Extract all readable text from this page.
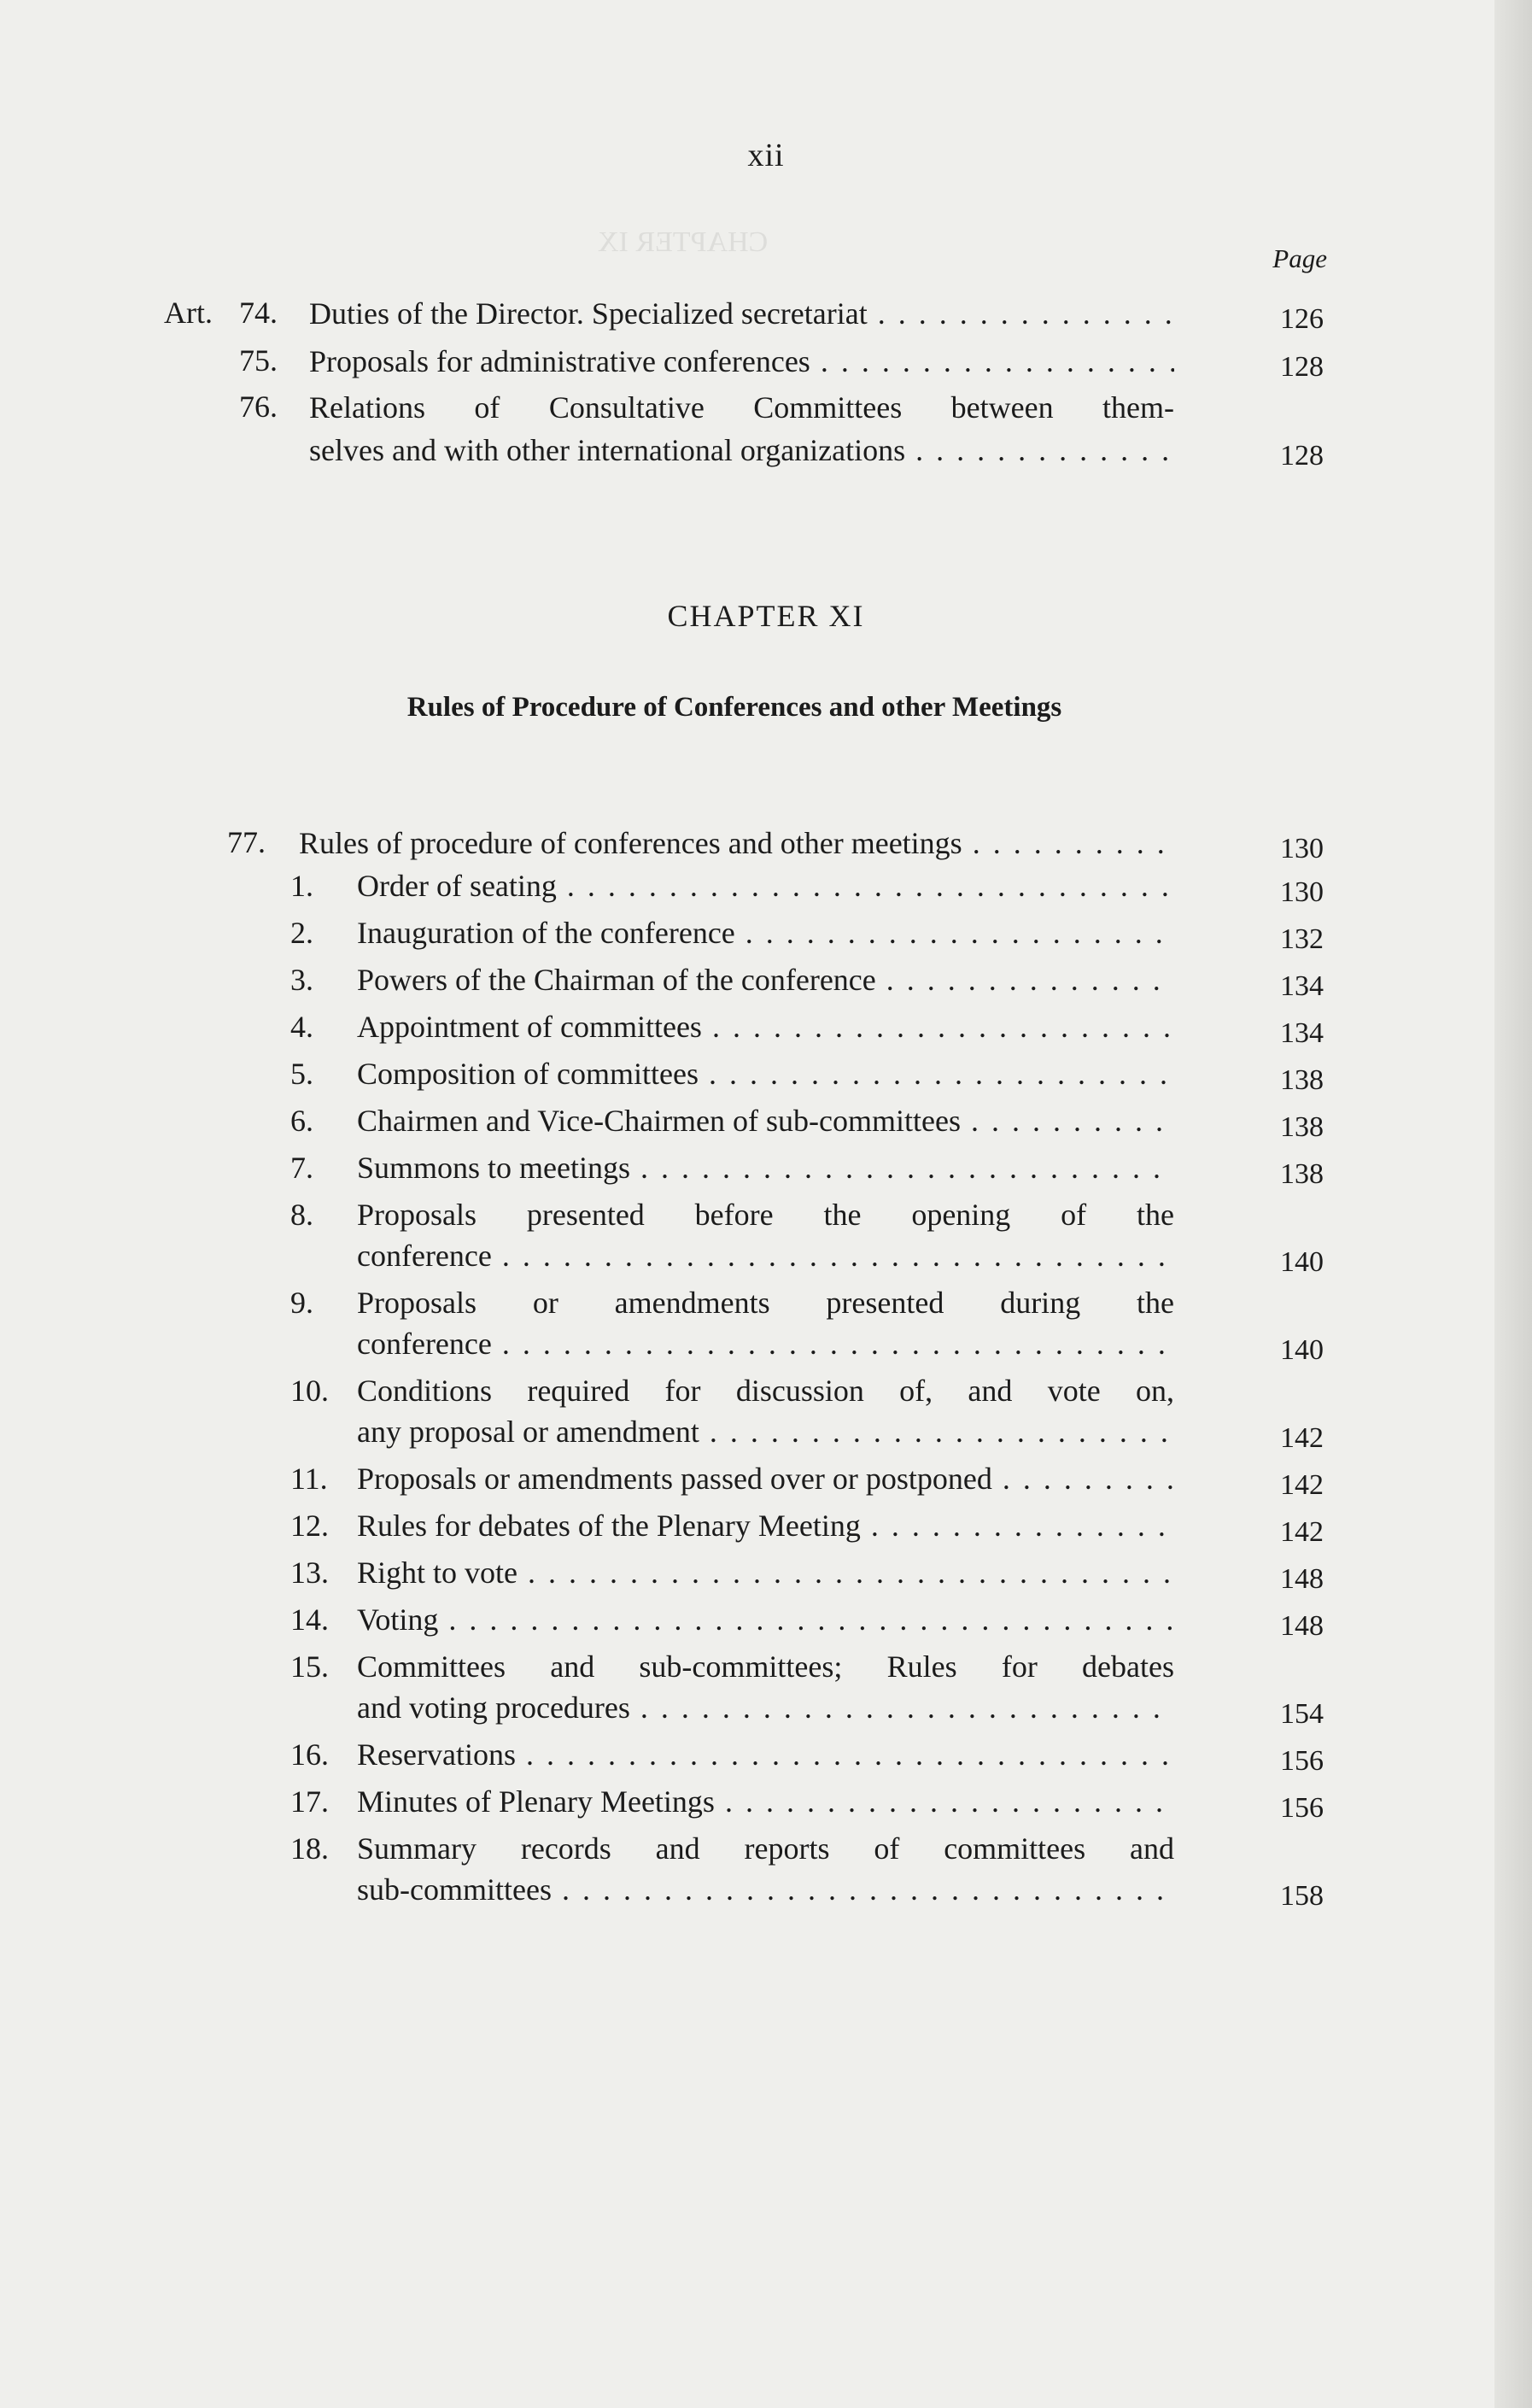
CHAPTER IX
xii
Page
Art. 74. Duties of the Director. Specialized secretariat . . .	126
75. Proposals for administrative conferences . . .	128
76. Relations of Consultative Committees between them-
selves and with other international organizations . . .	128
CHAPTER XI
Rules of Procedure of Conferences and other Meetings
77. Rules of procedure of conferences and other meetings . . .	130
1. Order of seating . . .	130
2. Inauguration of the conference . . .	132
3. Powers of the Chairman of the conference . . .	134
4. Appointment of committees . . .	134
5. Composition of committees . . .	138
6. Chairmen and Vice-Chairmen of sub-committees . . .	138
7. Summons to meetings . . .	138
8. Proposals presented before the opening of the
conference . . .	140
9. Proposals or amendments presented during the
conference . . .	140
10. Conditions required for discussion of, and vote on,
any proposal or amendment . . .	142
11. Proposals or amendments passed over or postponed . . .	142
12. Rules for debates of the Plenary Meeting . . .	142
13. Right to vote . . .	148
14. Voting . . .	148
15. Committees and sub-committees; Rules for debates
and voting procedures . . .	154
16. Reservations . . .	156
17. Minutes of Plenary Meetings . . .	156
18. Summary records and reports of committees and
sub-committees . . .	158
